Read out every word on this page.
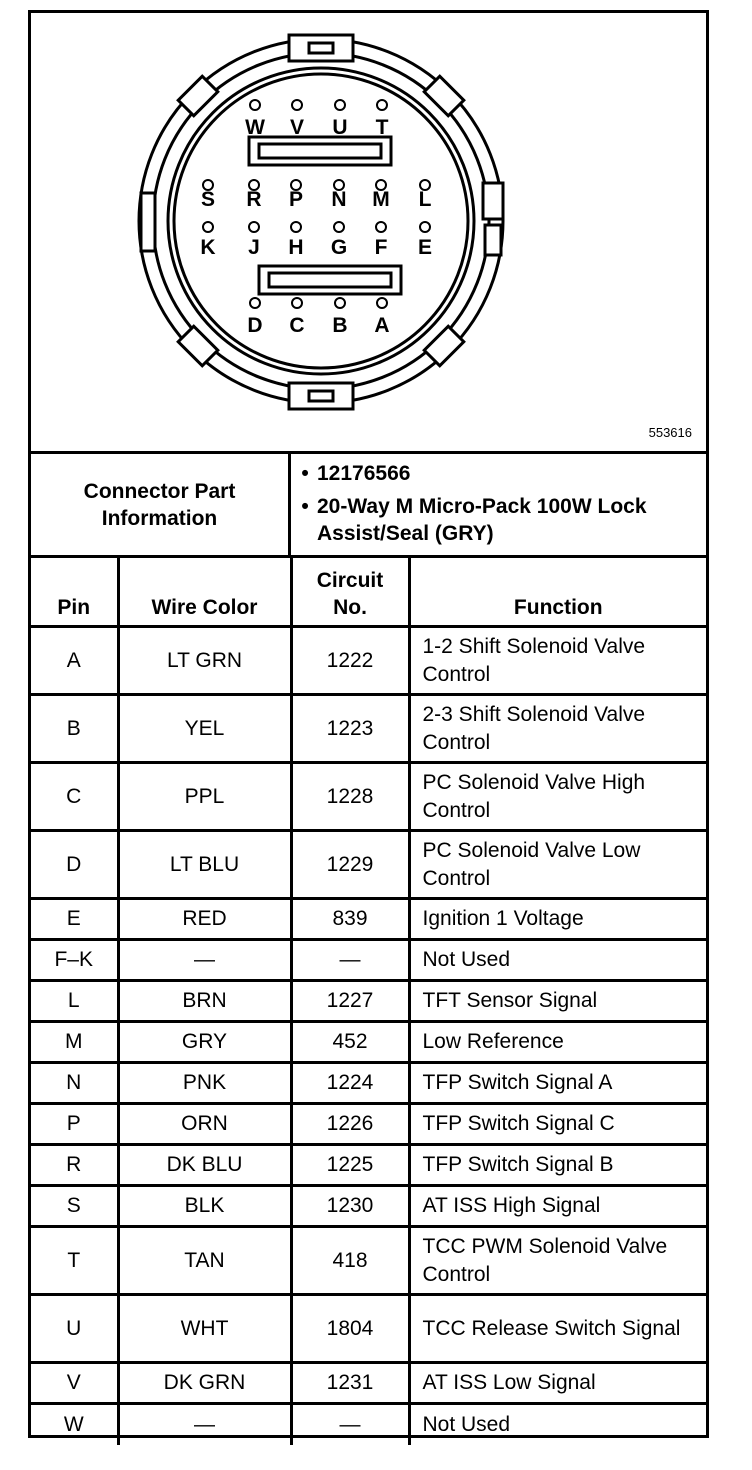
W	V	U	T
S	R	P	N	M	L
K	J	H	G	F	E
D	C	B	A
553616
Connector Part Information
• 12176566
• 20-Way M Micro-Pack 100W Lock Assist/Seal (GRY)
Pin	Wire Color	Circuit No.	Function
A	LT GRN	1222	1-2 Shift Solenoid Valve Control
B	YEL	1223	2-3 Shift Solenoid Valve Control
C	PPL	1228	PC Solenoid Valve High Control
D	LT BLU	1229	PC Solenoid Valve Low Control
E	RED	839	Ignition 1 Voltage
F–K	—	—	Not Used
L	BRN	1227	TFT Sensor Signal
M	GRY	452	Low Reference
N	PNK	1224	TFP Switch Signal A
P	ORN	1226	TFP Switch Signal C
R	DK BLU	1225	TFP Switch Signal B
S	BLK	1230	AT ISS High Signal
T	TAN	418	TCC PWM Solenoid Valve Control
U	WHT	1804	TCC Release Switch Signal
V	DK GRN	1231	AT ISS Low Signal
W	—	—	Not Used
